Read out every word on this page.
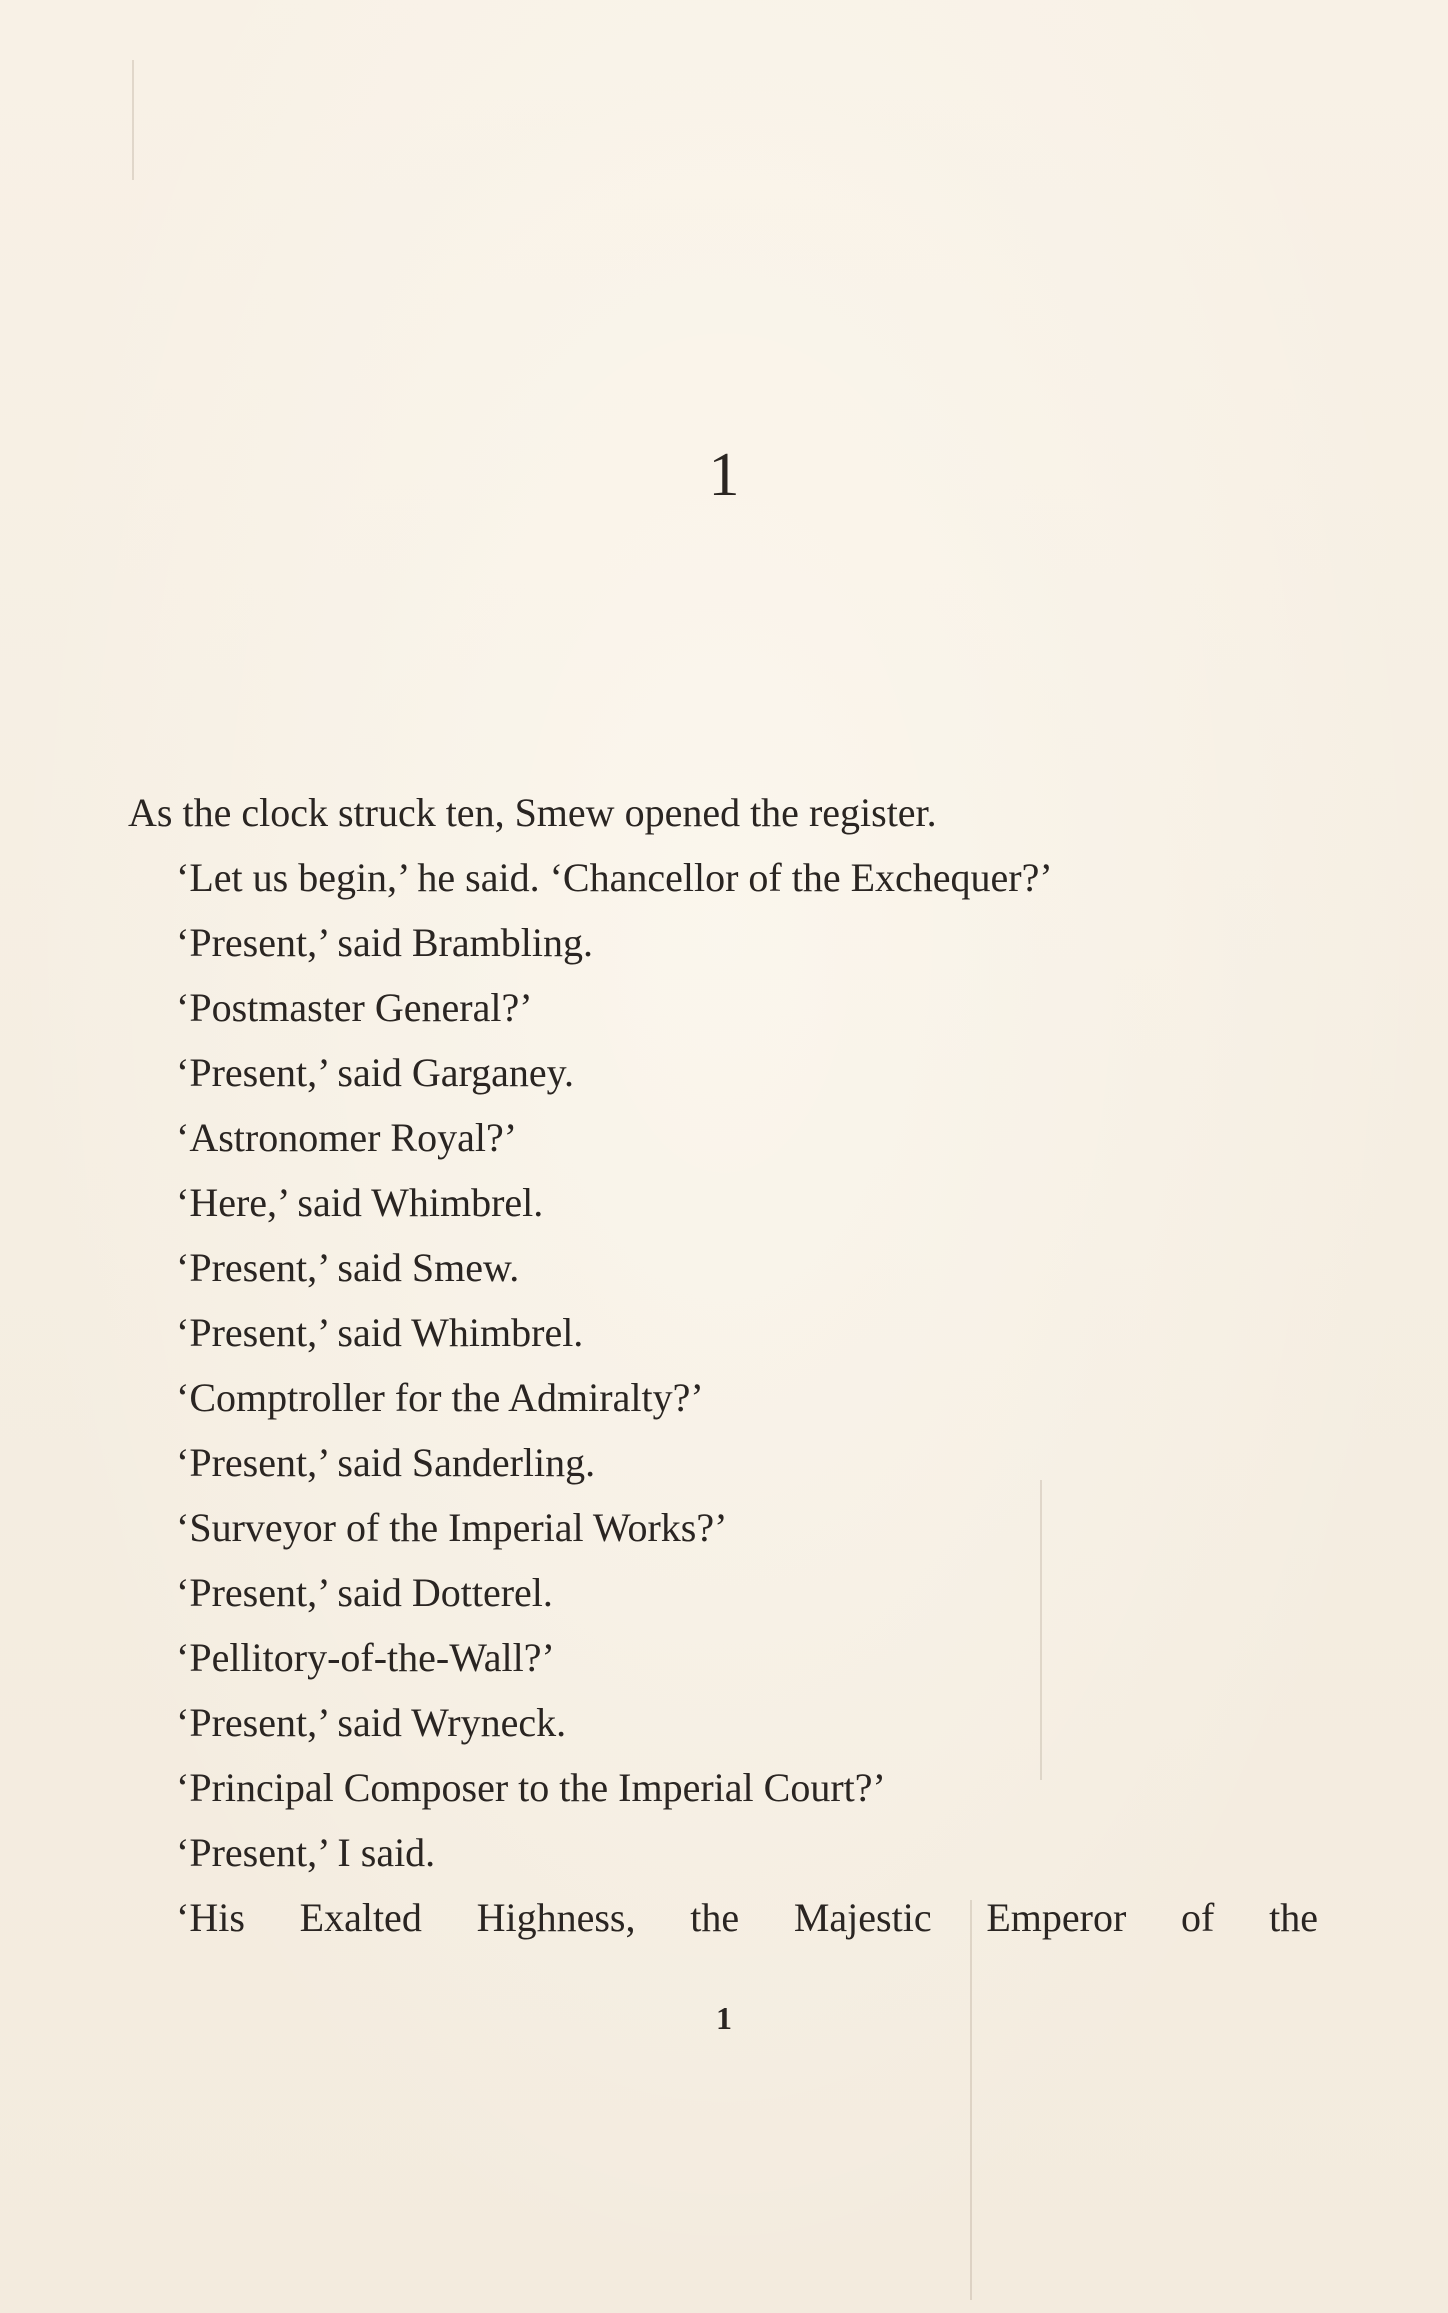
1

As the clock struck ten, Smew opened the register.

‘Let us begin,’ he said. ‘Chancellor of the Exchequer?’

‘Present,’ said Brambling.

‘Postmaster General?’

‘Present,’ said Garganey.

‘Astronomer Royal?’

‘Here,’ said Whimbrel.

‘Present,’ said Smew.

‘Present,’ said Whimbrel.

‘Comptroller for the Admiralty?’

‘Present,’ said Sanderling.

‘Surveyor of the Imperial Works?’

‘Present,’ said Dotterel.

‘Pellitory-of-the-Wall?’

‘Present,’ said Wryneck.

‘Principal Composer to the Imperial Court?’

‘Present,’ I said.

‘His Exalted Highness, the Majestic Emperor of the

1
